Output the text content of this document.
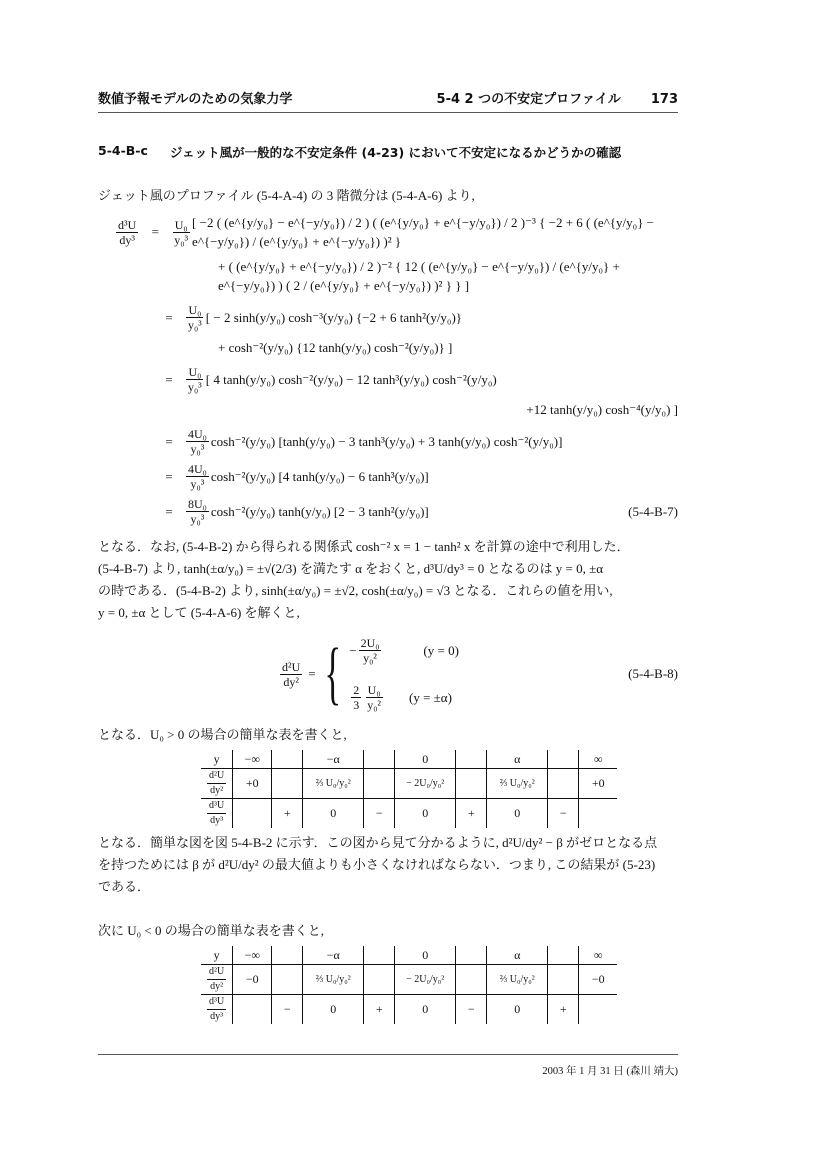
数値予報モデルのための気象力学	5-4 2 つの不安定プロファイル 173
5-4-B-c ジェット風が一般的な不安定条件 (4-23) において不安定になるかどうかの確認
ジェット風のプロファイル (5-4-A-4) の 3 階微分は (5-4-A-6) より,
$\frac{\text{d³U}}{\text{dy³}}$	=	$\frac{\text{U₀}}{\text{y₀³}}$ [ −2 ( (e^{y/y₀} − e^{−y/y₀}) / 2 ) ( (e^{y/y₀} + e^{−y/y₀}) / 2 )⁻³ { −2 + 6 ( (e^{y/y₀} − e^{−y/y₀}) / (e^{y/y₀} + e^{−y/y₀}) )² }
+ ( (e^{y/y₀} + e^{−y/y₀}) / 2 )⁻² { 12 ( (e^{y/y₀} − e^{−y/y₀}) / (e^{y/y₀} + e^{−y/y₀}) ) ( 2 / (e^{y/y₀} + e^{−y/y₀}) )² } } ]
=	$\frac{\text{U₀}}{\text{y₀³}}$ [ − 2 sinh(y/y₀) cosh⁻³(y/y₀) {−2 + 6 tanh²(y/y₀)}
+ cosh⁻²(y/y₀) {12 tanh(y/y₀) cosh⁻²(y/y₀)} ]
=	$\frac{\text{U₀}}{\text{y₀³}}$ [ 4 tanh(y/y₀) cosh⁻²(y/y₀) − 12 tanh³(y/y₀) cosh⁻²(y/y₀)
+12 tanh(y/y₀) cosh⁻⁴(y/y₀) ]
=	$\frac{\text{4U₀}}{\text{y₀³}} \cosh^{-2}(y/y_0) [\tanh(y/y_0) - 3$ tanh³(y/y₀) + 3 tanh(y/y₀) cosh⁻²(y/y₀)]
=	$\frac{\text{4U₀}}{\text{y₀³}} \cosh^{-2}(y/y_0)$ [4 tanh(y/y₀) − 6 tanh³(y/y₀)]
=	$\frac{\text{8U₀}}{\text{y₀³}} \cosh^{-2}(y/y_0)$ tanh(y/y₀) [2 − 3 tanh²(y/y₀)]	(5-4-B-7)
となる．なお, (5-4-B-2) から得られる関係式 cosh⁻² x = 1 − tanh² x を計算の途中で利用した．
(5-4-B-7) より, tanh(±α/y₀) = ±√(2/3) を満たす α をおくと, d³U/dy³ = 0 となるのは y = 0, ±α
の時である．(5-4-B-2) より, sinh(±α/y₀) = ±√2, cosh(±α/y₀) = √3 となる．これらの値を用い,
y = 0, ±α として (5-4-A-6) を解くと,
$\frac{\text{d²U}}{\text{dy²}}$ = { − $\frac{\text{2U₀}}{\text{y₀²}}$	(y = 0)
$\frac{2}{3} \frac{\text{U₀}}{\text{y₀²}} (y = \pm\alpha)$
(5-4-B-8)
となる．U₀ > 0 の場合の簡単な表を書くと,
y	−∞		−α		0		α		∞

$\frac{\text{d²U}}{\text{dy²}}$	+0		⅔ U₀/y₀²		− 2U₀/y₀²		⅔ U₀/y₀²		+0

$\frac{\text{d³U}}{\text{dy³}}$		+	0	−	0	+	0	−	
となる．簡単な図を図 5-4-B-2 に示す．この図から見て分かるように, d²U/dy² − β がゼロとなる点
を持つためには β が d²U/dy² の最大値よりも小さくなければならない．つまり, この結果が (5-23)
である．
次に U₀ < 0 の場合の簡単な表を書くと,
y	−∞		−α		0		α		∞

$\frac{\text{d²U}}{\text{dy²}}$	−0		⅔ U₀/y₀²		− 2U₀/y₀²		⅔ U₀/y₀²		−0

$\frac{\text{d³U}}{\text{dy³}}$		−	0	+	0	−	0	+	
2003 年 1 月 31 日 (森川 靖大)
